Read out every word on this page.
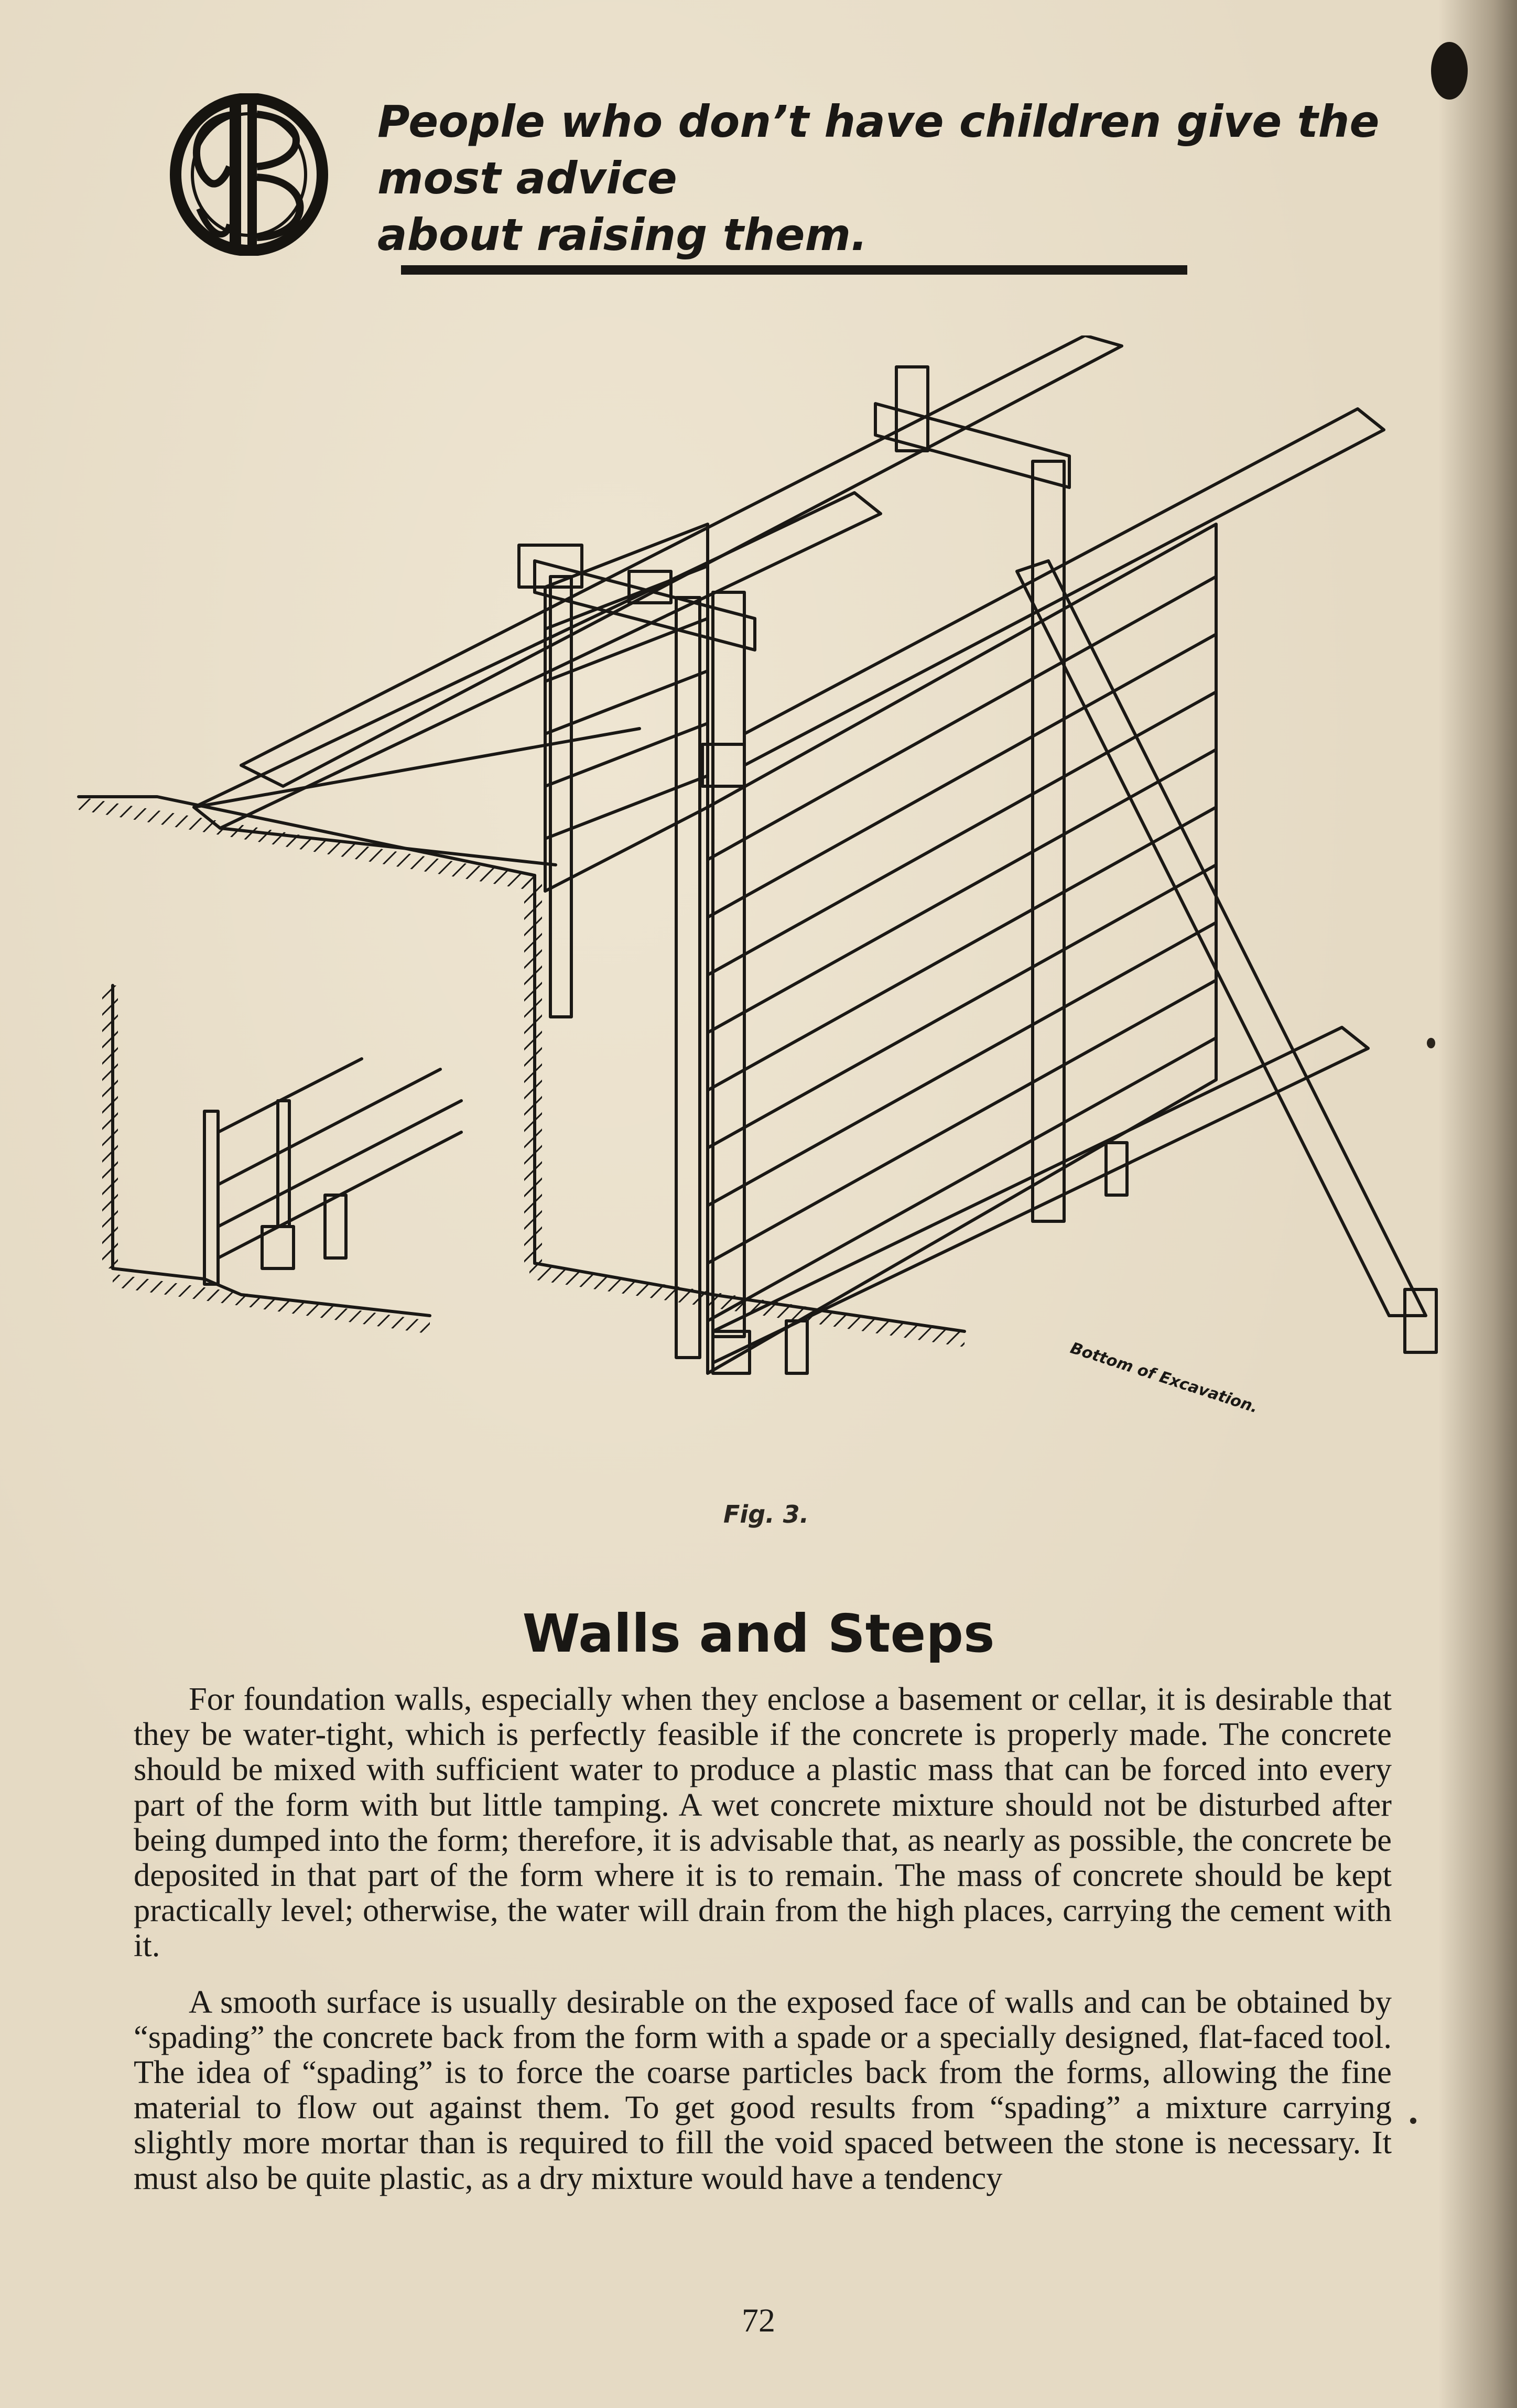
People who don’t have children give the most advice
about raising them.
Bottom of Excavation.
Fig. 3.
Walls and Steps

For foundation walls, especially when they enclose a basement or cellar, it is desirable that they be water-tight, which is perfectly feasible if the concrete is properly made. The concrete should be mixed with sufficient water to produce a plastic mass that can be forced into every part of the form with but little tamping. A wet concrete mixture should not be disturbed after being dumped into the form; therefore, it is advisable that, as nearly as possible, the concrete be deposited in that part of the form where it is to remain. The mass of concrete should be kept practically level; otherwise, the water will drain from the high places, carrying the cement with it.

A smooth surface is usually desirable on the exposed face of walls and can be obtained by “spading” the concrete back from the form with a spade or a specially designed, flat-faced tool. The idea of “spading” is to force the coarse particles back from the forms, allowing the fine material to flow out against them. To get good results from “spading” a mixture carrying slightly more mortar than is required to fill the void spaced between the stone is necessary. It must also be quite plastic, as a dry mixture would have a tendency

72
